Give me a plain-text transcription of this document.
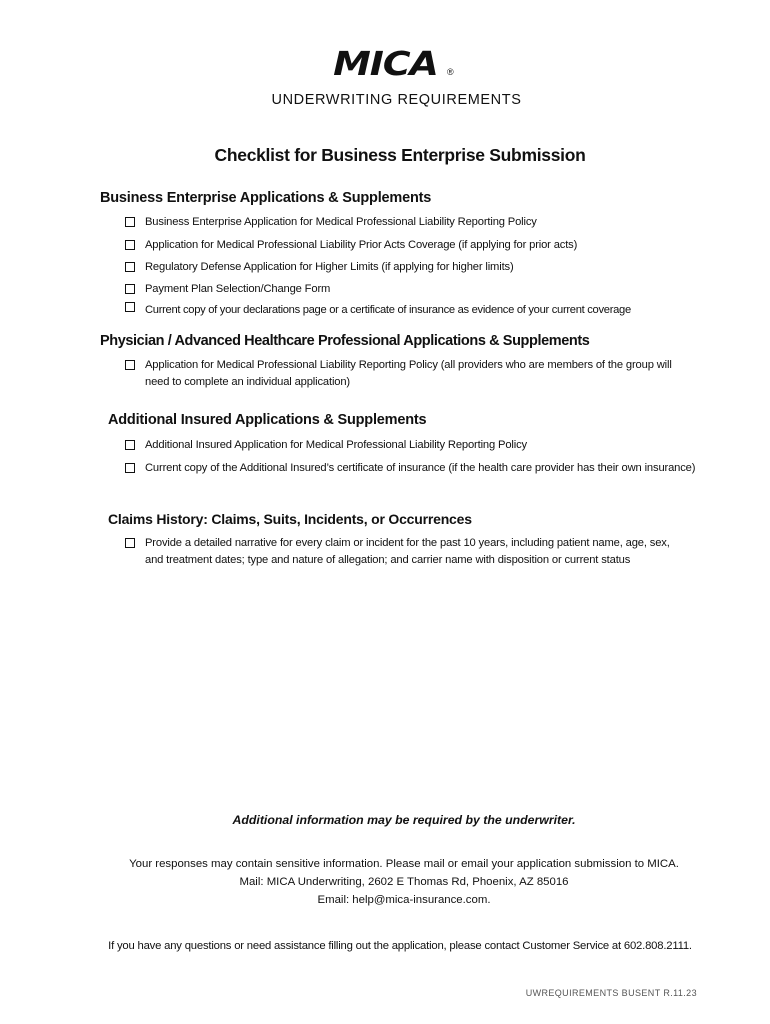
MICA	®
UNDERWRITING REQUIREMENTS
Checklist for Business Enterprise Submission
Business Enterprise Applications & Supplements
Business Enterprise Application for Medical Professional Liability Reporting Policy
Application for Medical Professional Liability Prior Acts Coverage (if applying for prior acts)
Regulatory Defense Application for Higher Limits (if applying for higher limits)
Payment Plan Selection/Change Form
Current copy of your declarations page or a certificate of insurance as evidence of your current coverage
Physician / Advanced Healthcare Professional Applications & Supplements
Application for Medical Professional Liability Reporting Policy (all providers who are members of the group will need to complete an individual application)
Additional Insured Applications & Supplements
Additional Insured Application for Medical Professional Liability Reporting Policy
Current copy of the Additional Insured’s certificate of insurance (if the health care provider has their own insurance)
Claims History: Claims, Suits, Incidents, or Occurrences
Provide a detailed narrative for every claim or incident for the past 10 years, including patient name, age, sex, and treatment dates; type and nature of allegation; and carrier name with disposition or current status
Additional information may be required by the underwriter.
Your responses may contain sensitive information. Please mail or email your application submission to MICA.
Mail: MICA Underwriting, 2602 E Thomas Rd, Phoenix, AZ 85016
Email: help@mica-insurance.com.
If you have any questions or need assistance filling out the application, please contact Customer Service at 602.808.2111.
UWREQUIREMENTS BUSENT R.11.23
